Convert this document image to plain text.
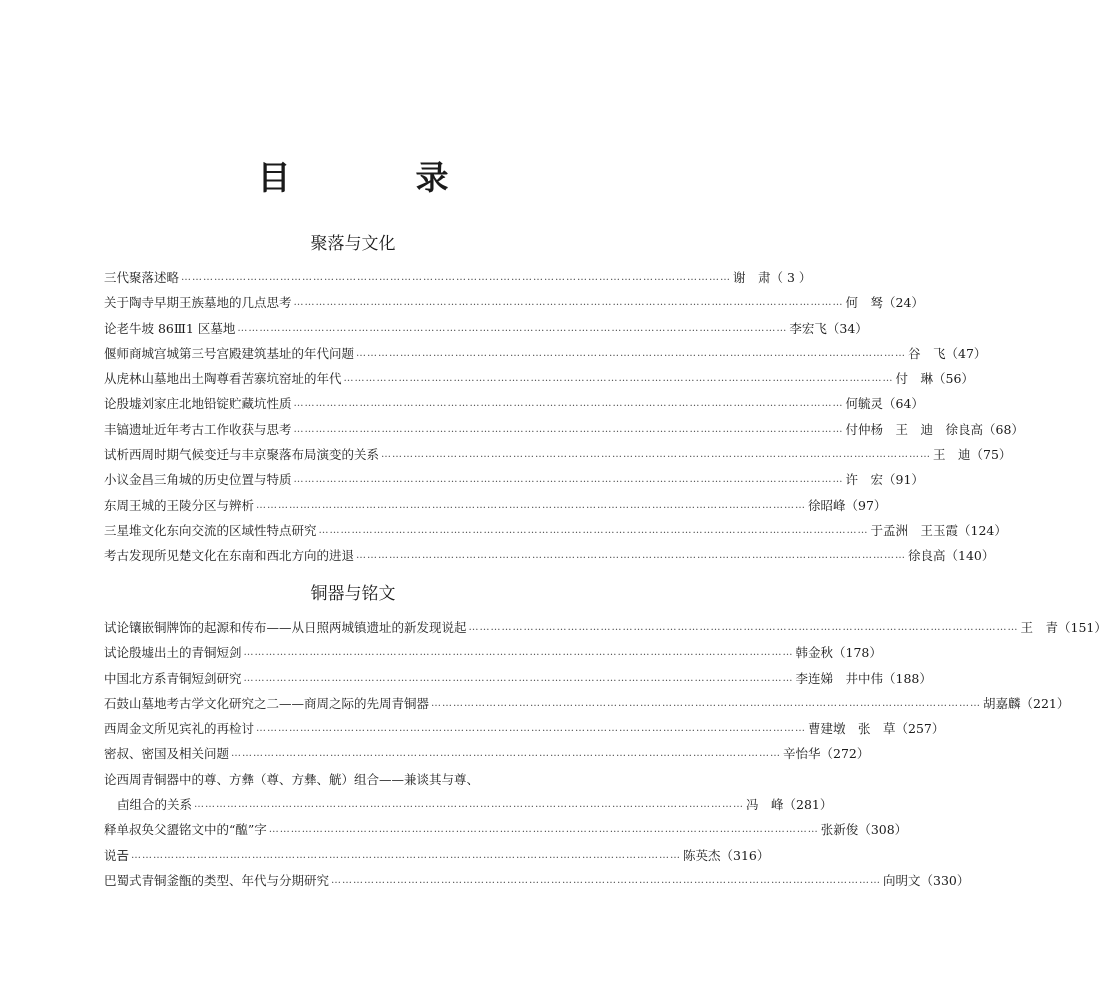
目　录
聚落与文化
三代聚落述略 …………………………………………………………………………………………………………………………………… 谢　肃 （ 3 ）
关于陶寺早期王族墓地的几点思考 …………………………………………………………………………………………………………………………………… 何　驽 （24）
论老牛坡 86Ⅲ1 区墓地 …………………………………………………………………………………………………………………………………… 李宏飞 （34）
偃师商城宫城第三号宫殿建筑基址的年代问题 …………………………………………………………………………………………………………………………………… 谷　飞 （47）
从虎林山墓地出土陶尊看苦寨坑窑址的年代 …………………………………………………………………………………………………………………………………… 付　琳 （56）
论殷墟刘家庄北地铅锭贮藏坑性质 …………………………………………………………………………………………………………………………………… 何毓灵 （64）
丰镐遗址近年考古工作收获与思考 …………………………………………………………………………………………………………………………………… 付仲杨　王　迪　徐良高 （68）
试析西周时期气候变迁与丰京聚落布局演变的关系 …………………………………………………………………………………………………………………………………… 王　迪 （75）
小议金昌三角城的历史位置与特质 …………………………………………………………………………………………………………………………………… 许　宏 （91）
东周王城的王陵分区与辨析 …………………………………………………………………………………………………………………………………… 徐昭峰 （97）
三星堆文化东向交流的区域性特点研究 …………………………………………………………………………………………………………………………………… 于孟洲　王玉霞 （124）
考古发现所见楚文化在东南和西北方向的进退 …………………………………………………………………………………………………………………………………… 徐良高 （140）
铜器与铭文
试论镶嵌铜牌饰的起源和传布——从日照两城镇遗址的新发现说起 …………………………………………………………………………………………………………………………………… 王　青 （151）
试论殷墟出土的青铜短剑 …………………………………………………………………………………………………………………………………… 韩金秋 （178）
中国北方系青铜短剑研究 …………………………………………………………………………………………………………………………………… 李连娣　井中伟 （188）
石鼓山墓地考古学文化研究之二——商周之际的先周青铜器 …………………………………………………………………………………………………………………………………… 胡嘉麟 （221）
西周金文所见宾礼的再检讨 …………………………………………………………………………………………………………………………………… 曹建墩　张　草 （257）
密叔、密国及相关问题 …………………………………………………………………………………………………………………………………… 辛怡华 （272）
论西周青铜器中的尊、方彝（尊、方彝、觥）组合——兼谈其与尊、
卣组合的关系 …………………………………………………………………………………………………………………………………… 冯　峰 （281）
释单叔奂父盨铭文中的“醢”字 …………………………………………………………………………………………………………………………………… 张新俊 （308）
说𢀛 …………………………………………………………………………………………………………………………………… 陈英杰 （316）
巴蜀式青铜釜甑的类型、年代与分期研究 …………………………………………………………………………………………………………………………………… 向明文 （330）
